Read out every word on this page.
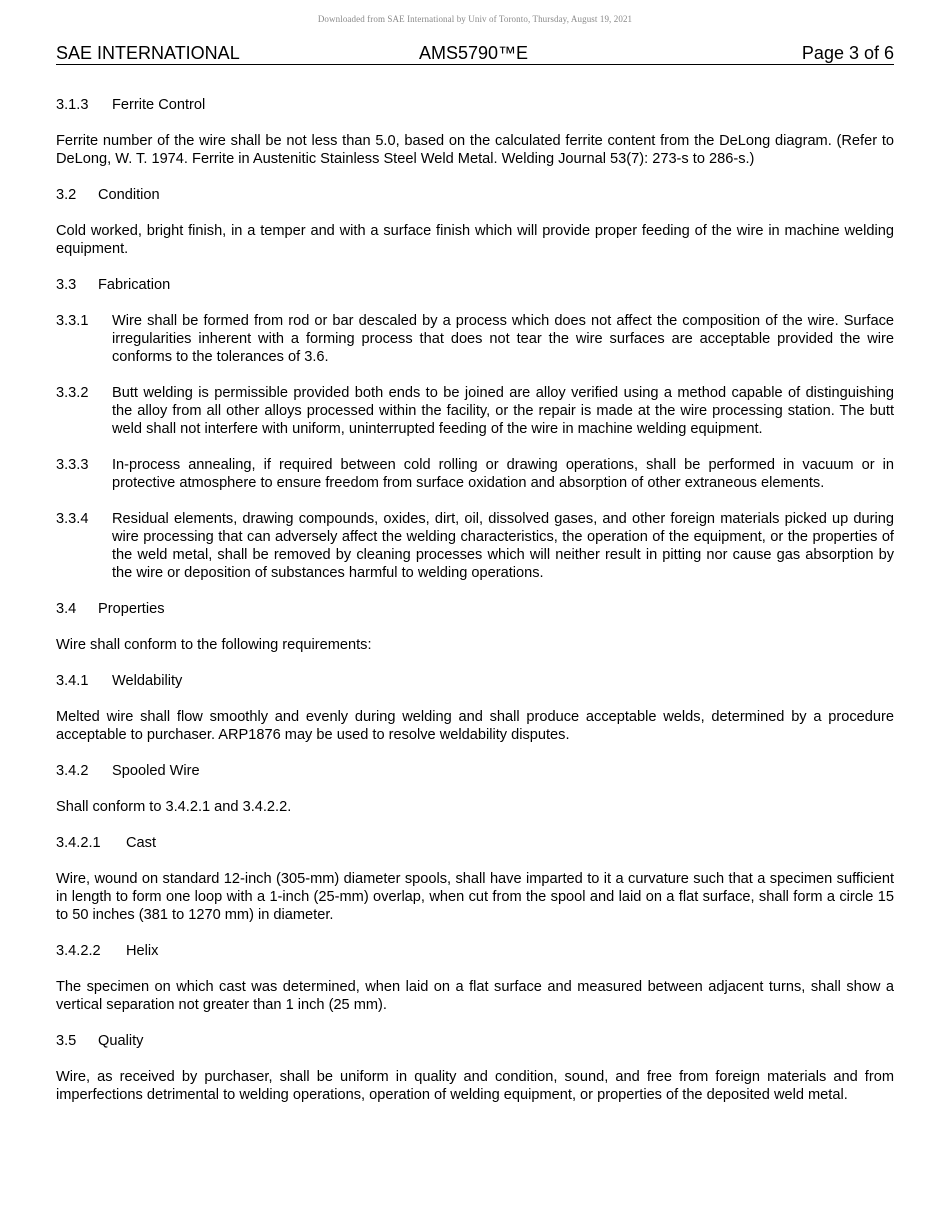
Downloaded from SAE International by Univ of Toronto, Thursday, August 19, 2021
SAE INTERNATIONAL	AMS5790™E	Page 3 of 6
3.1.3 Ferrite Control

Ferrite number of the wire shall be not less than 5.0, based on the calculated ferrite content from the DeLong diagram. (Refer to DeLong, W. T. 1974. Ferrite in Austenitic Stainless Steel Weld Metal. Welding Journal 53(7): 273-s to 286-s.)

3.2 Condition

Cold worked, bright finish, in a temper and with a surface finish which will provide proper feeding of the wire in machine welding equipment.

3.3 Fabrication
3.3.1	Wire shall be formed from rod or bar descaled by a process which does not affect the composition of the wire. Surface irregularities inherent with a forming process that does not tear the wire surfaces are acceptable provided the wire conforms to the tolerances of 3.6.
3.3.2	Butt welding is permissible provided both ends to be joined are alloy verified using a method capable of distinguishing the alloy from all other alloys processed within the facility, or the repair is made at the wire processing station. The butt weld shall not interfere with uniform, uninterrupted feeding of the wire in machine welding equipment.
3.3.3	In-process annealing, if required between cold rolling or drawing operations, shall be performed in vacuum or in protective atmosphere to ensure freedom from surface oxidation and absorption of other extraneous elements.
3.3.4	Residual elements, drawing compounds, oxides, dirt, oil, dissolved gases, and other foreign materials picked up during wire processing that can adversely affect the welding characteristics, the operation of the equipment, or the properties of the weld metal, shall be removed by cleaning processes which will neither result in pitting nor cause gas absorption by the wire or deposition of substances harmful to welding operations.
3.4 Properties

Wire shall conform to the following requirements:

3.4.1 Weldability

Melted wire shall flow smoothly and evenly during welding and shall produce acceptable welds, determined by a procedure acceptable to purchaser. ARP1876 may be used to resolve weldability disputes.

3.4.2 Spooled Wire

Shall conform to 3.4.2.1 and 3.4.2.2.

3.4.2.1 Cast

Wire, wound on standard 12-inch (305-mm) diameter spools, shall have imparted to it a curvature such that a specimen sufficient in length to form one loop with a 1-inch (25-mm) overlap, when cut from the spool and laid on a flat surface, shall form a circle 15 to 50 inches (381 to 1270 mm) in diameter.

3.4.2.2 Helix

The specimen on which cast was determined, when laid on a flat surface and measured between adjacent turns, shall show a vertical separation not greater than 1 inch (25 mm).

3.5 Quality

Wire, as received by purchaser, shall be uniform in quality and condition, sound, and free from foreign materials and from imperfections detrimental to welding operations, operation of welding equipment, or properties of the deposited weld metal.
